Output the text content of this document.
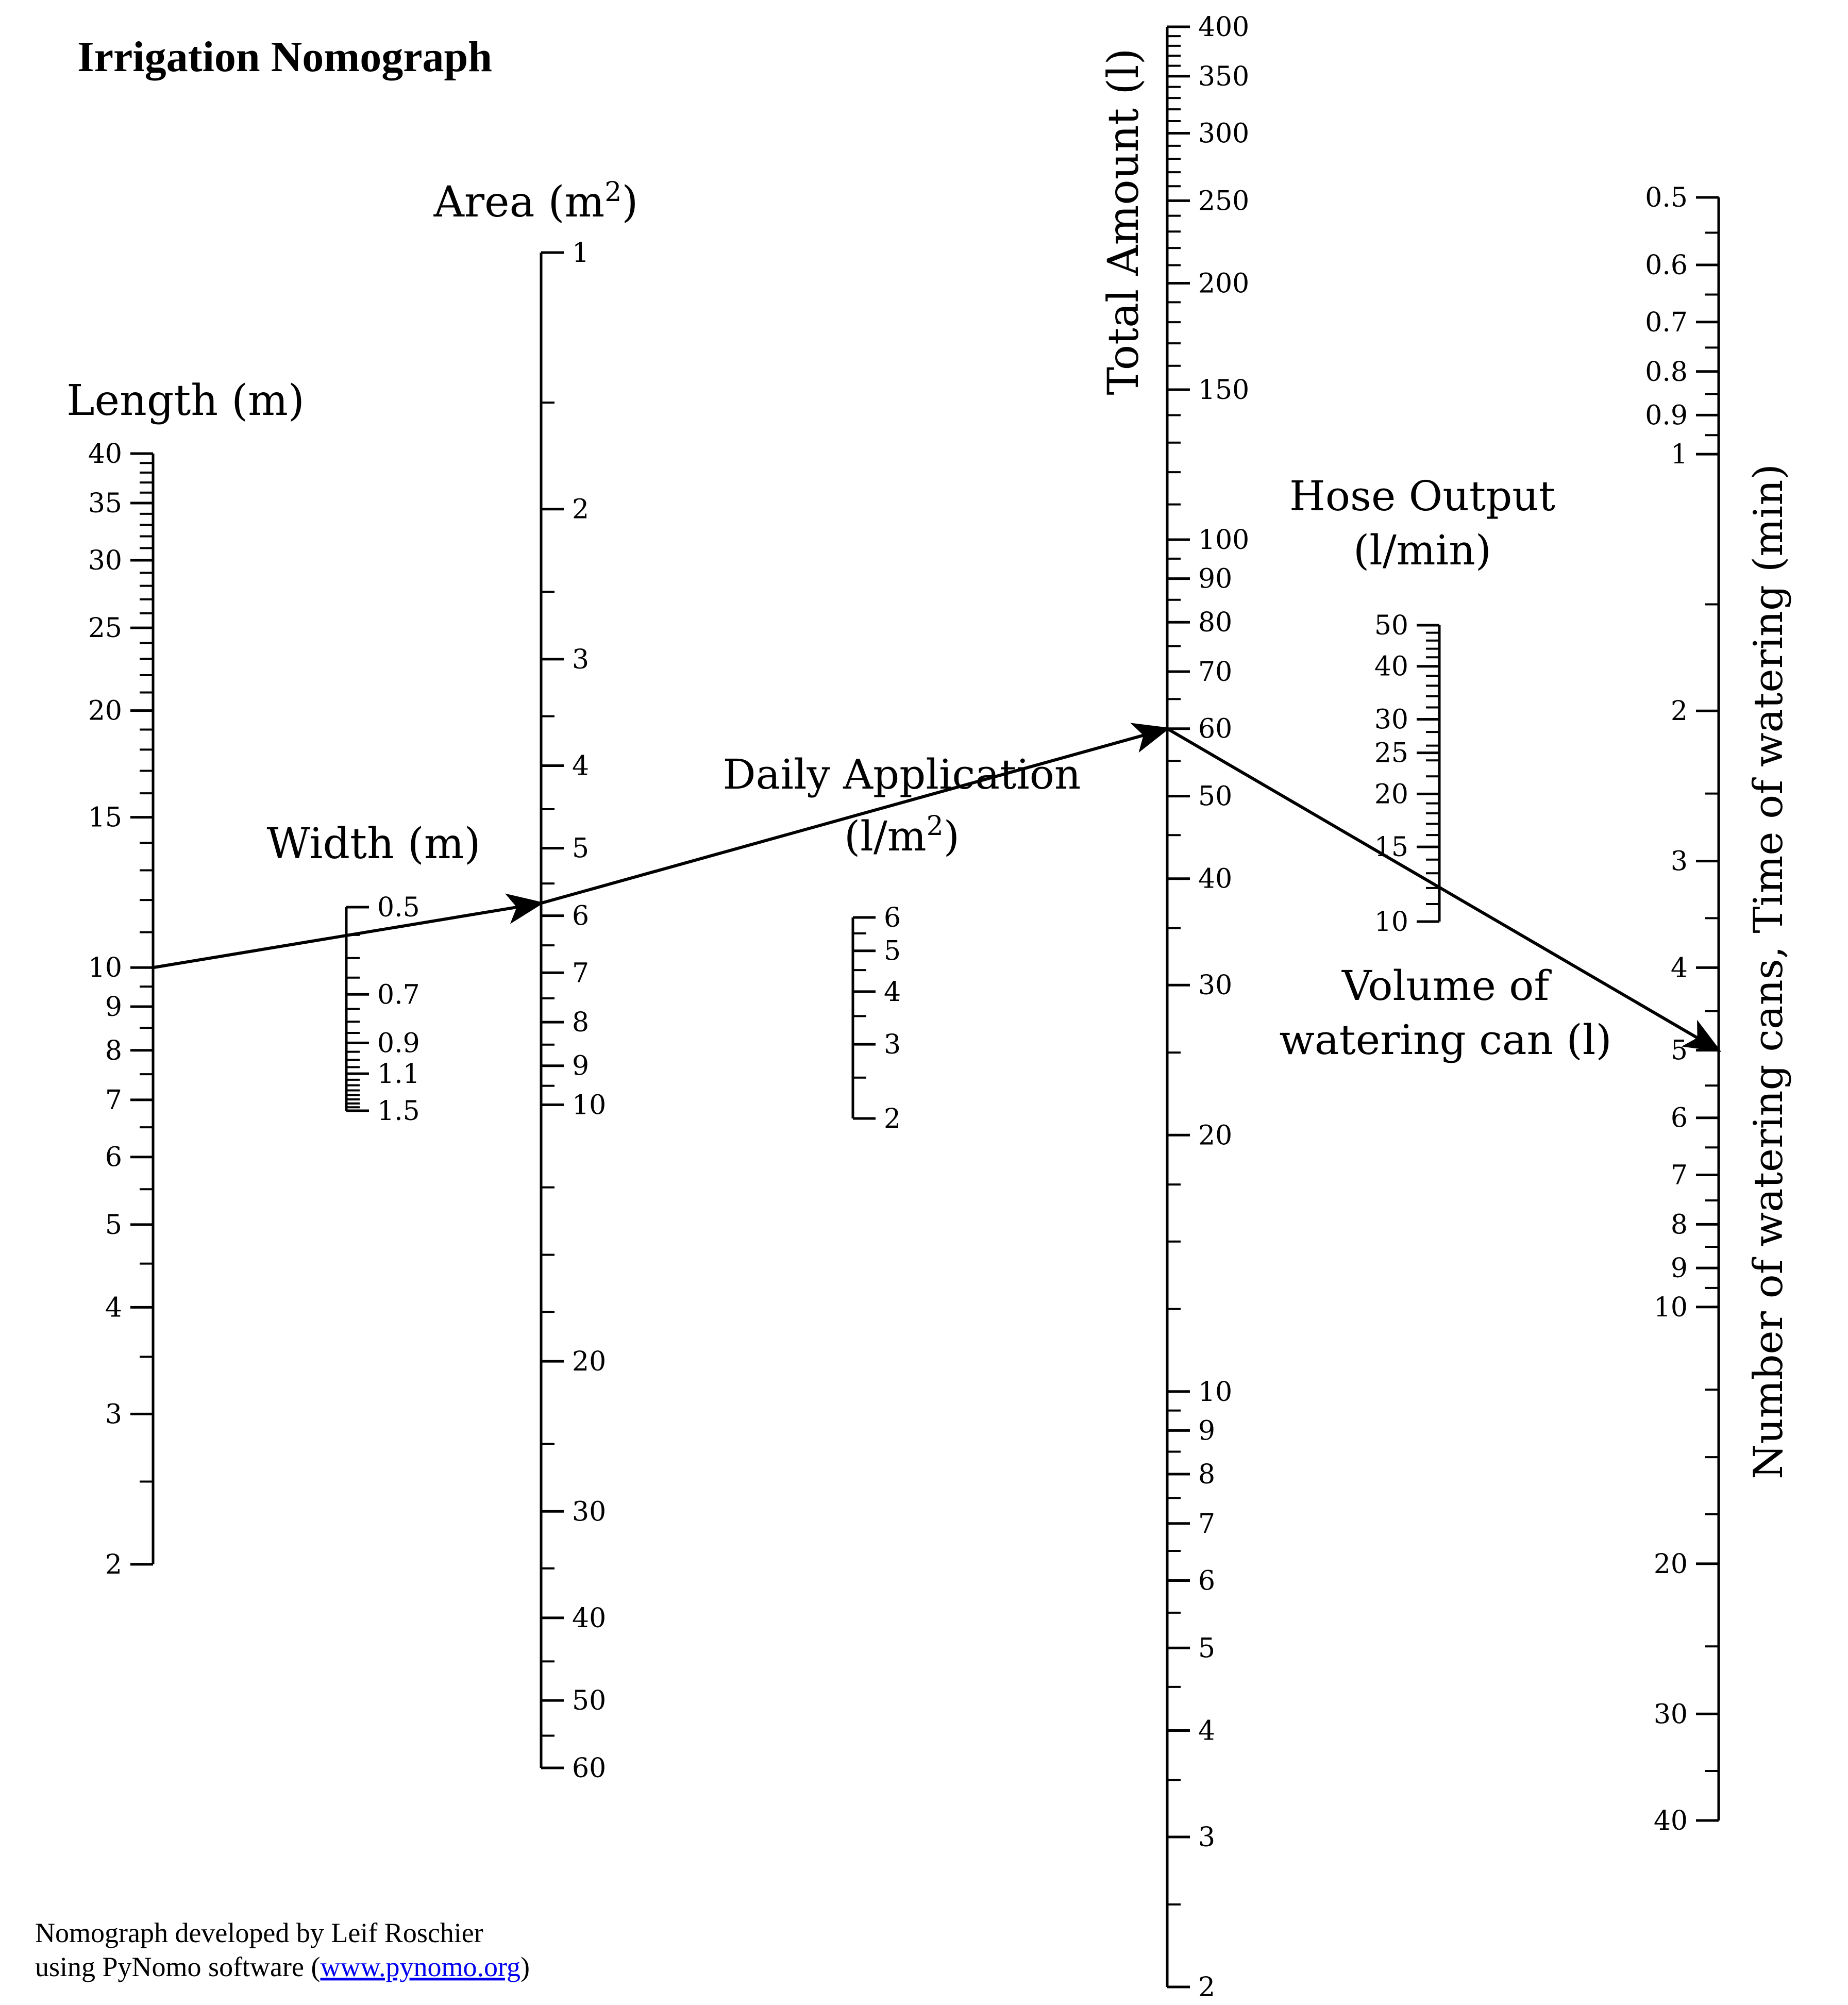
Irrigation Nomograph
40
35
30
25
20
15
10
9
8
7
6
5
4
3
2
0.5
0.7
0.9
1.1
1.5
1
2
3
4
5
6
7
8
9
10
20
30
40
50
60
6
5
4
3
2
400
350
300
250
200
150
100
90
80
70
60
50
40
30
20
10
9
8
7
6
5
4
3
2
50
40
30
25
20
15
10
0.5
0.6
0.7
0.8
0.9
1
2
3
4
5
6
7
8
9
10
20
30
40
Length (m)
Width (m)
Area $(m^2)$
Daily Application
$(l/m^2)$
Total Amount (l)
Hose Output
(l/min)
Volume of
watering can (l)	Number of watering cans, Time of watering (min)
Nomograph developed by Leif Roschier
using PyNomo software (www.pynomo.org)
